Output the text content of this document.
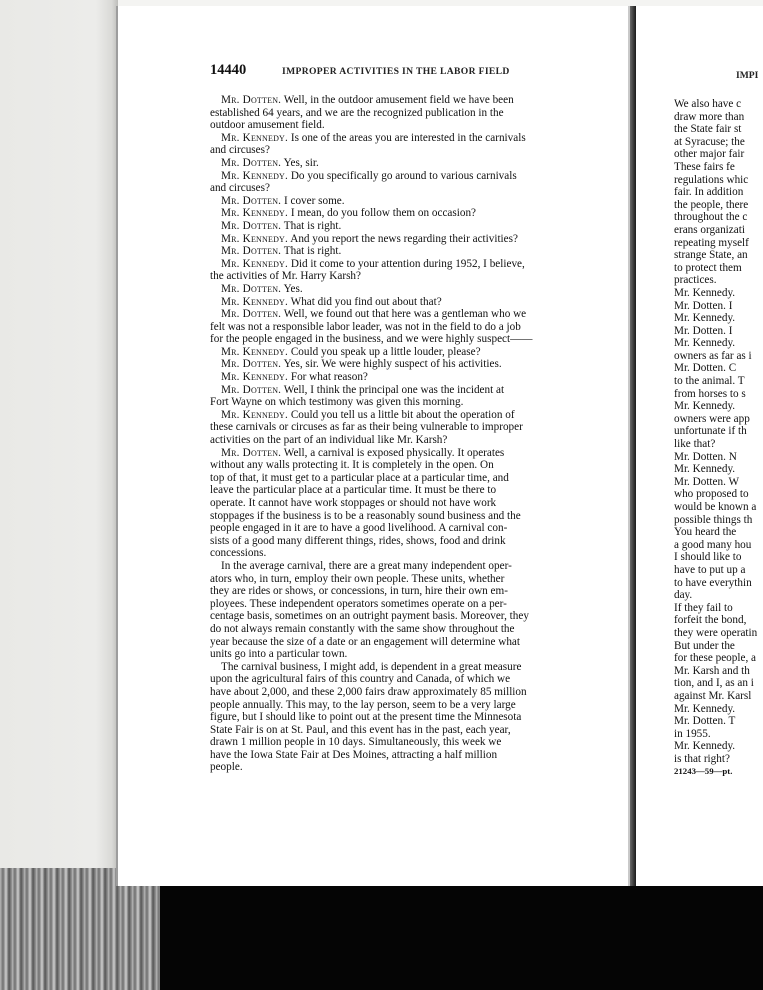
14440	IMPROPER ACTIVITIES IN THE LABOR FIELD
Mr. Dotten. Well, in the outdoor amusement field we have been
established 64 years, and we are the recognized publication in the
outdoor amusement field.
Mr. Kennedy. Is one of the areas you are interested in the carnivals
and circuses?
Mr. Dotten. Yes, sir.
Mr. Kennedy. Do you specifically go around to various carnivals
and circuses?
Mr. Dotten. I cover some.
Mr. Kennedy. I mean, do you follow them on occasion?
Mr. Dotten. That is right.
Mr. Kennedy. And you report the news regarding their activities?
Mr. Dotten. That is right.
Mr. Kennedy. Did it come to your attention during 1952, I believe,
the activities of Mr. Harry Karsh?
Mr. Dotten. Yes.
Mr. Kennedy. What did you find out about that?
Mr. Dotten. Well, we found out that here was a gentleman who we
felt was not a responsible labor leader, was not in the field to do a job
for the people engaged in the business, and we were highly suspect——
Mr. Kennedy. Could you speak up a little louder, please?
Mr. Dotten. Yes, sir. We were highly suspect of his activities.
Mr. Kennedy. For what reason?
Mr. Dotten. Well, I think the principal one was the incident at
Fort Wayne on which testimony was given this morning.
Mr. Kennedy. Could you tell us a little bit about the operation of
these carnivals or circuses as far as their being vulnerable to improper
activities on the part of an individual like Mr. Karsh?
Mr. Dotten. Well, a carnival is exposed physically. It operates
without any walls protecting it. It is completely in the open. On
top of that, it must get to a particular place at a particular time, and
leave the particular place at a particular time. It must be there to
operate. It cannot have work stoppages or should not have work
stoppages if the business is to be a reasonably sound business and the
people engaged in it are to have a good livelihood. A carnival con-
sists of a good many different things, rides, shows, food and drink
concessions.
In the average carnival, there are a great many independent oper-
ators who, in turn, employ their own people. These units, whether
they are rides or shows, or concessions, in turn, hire their own em-
ployees. These independent operators sometimes operate on a per-
centage basis, sometimes on an outright payment basis. Moreover, they
do not always remain constantly with the same show throughout the
year because the size of a date or an engagement will determine what
units go into a particular town.
The carnival business, I might add, is dependent in a great measure
upon the agricultural fairs of this country and Canada, of which we
have about 2,000, and these 2,000 fairs draw approximately 85 million
people annually. This may, to the lay person, seem to be a very large
figure, but I should like to point out at the present time the Minnesota
State Fair is on at St. Paul, and this event has in the past, each year,
drawn 1 million people in 10 days. Simultaneously, this week we
have the Iowa State Fair at Des Moines, attracting a half million
people.
IMPI
We also have c
draw more than
the State fair st
at Syracuse; the
other major fair
These fairs fe
regulations whic
fair. In addition
the people, there
throughout the c
erans organizati
repeating myself
strange State, an
to protect them
practices.
Mr. Kennedy.
Mr. Dotten. I
Mr. Kennedy.
Mr. Dotten. I
Mr. Kennedy.
owners as far as i
Mr. Dotten. C
to the animal. T
from horses to s
Mr. Kennedy.
owners were app
unfortunate if th
like that?
Mr. Dotten. N
Mr. Kennedy.
Mr. Dotten. W
who proposed to
would be known a
possible things th
You heard the
a good many hou
I should like to
have to put up a
to have everythin
day.
If they fail to
forfeit the bond,
they were operatin
But under the
for these people, a
Mr. Karsh and th
tion, and I, as an i
against Mr. Karsl
Mr. Kennedy.
Mr. Dotten. T
in 1955.
Mr. Kennedy.
is that right?
21243—59—pt.
